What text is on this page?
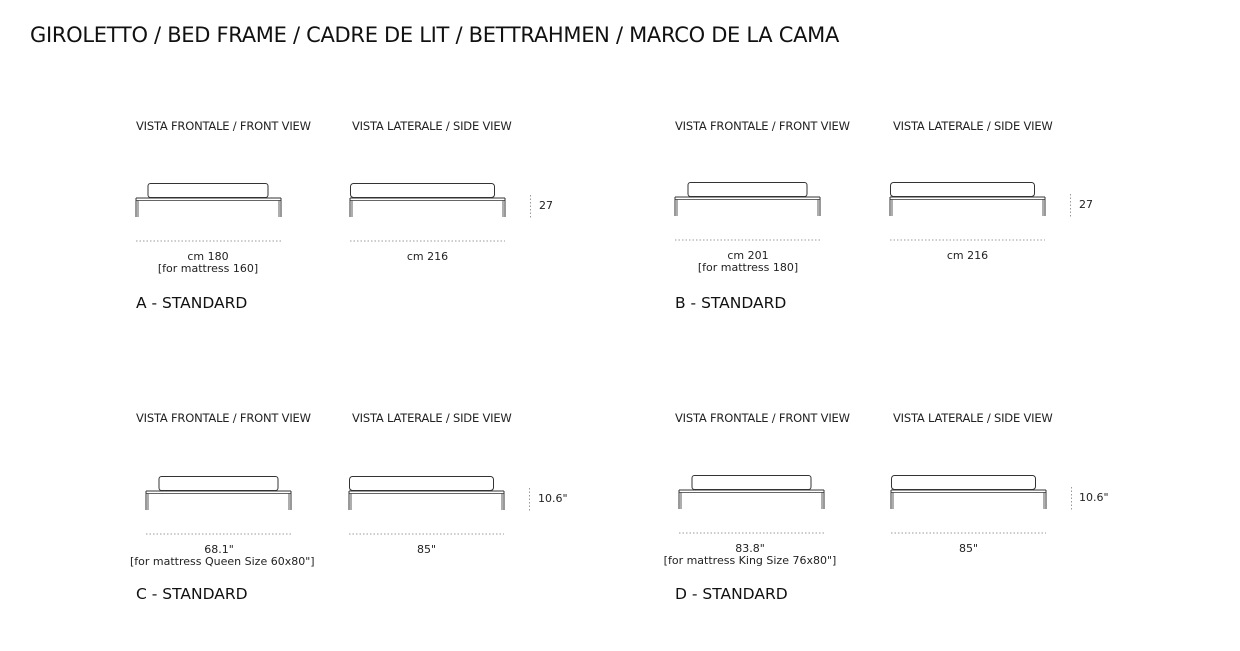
GIROLETTO / BED FRAME / CADRE DE LIT / BETTRAHMEN / MARCO DE LA CAMA
VISTA FRONTALE / FRONT VIEW	VISTA LATERALE / SIDE VIEW
cm 180
[for mattress 160]
cm 216
27
A - STANDARD
VISTA FRONTALE / FRONT VIEW	VISTA LATERALE / SIDE VIEW
cm 201
[for mattress 180]
cm 216
27
B - STANDARD
VISTA FRONTALE / FRONT VIEW	VISTA LATERALE / SIDE VIEW
68.1"
[for mattress Queen Size 60x80"]
85"
10.6"
C - STANDARD
VISTA FRONTALE / FRONT VIEW	VISTA LATERALE / SIDE VIEW
83.8"
[for mattress King Size 76x80"]
85"
10.6"
D - STANDARD
